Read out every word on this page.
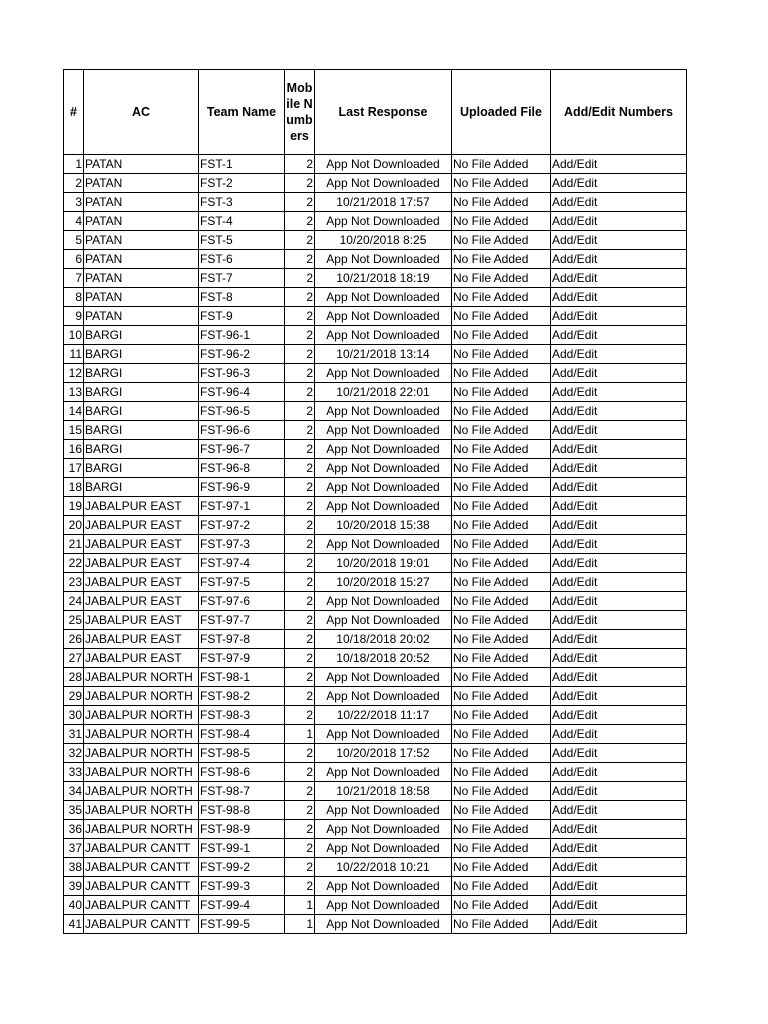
#	AC	Team Name	Mobile Numbers	Last Response	Uploaded File	Add/Edit Numbers
1	PATAN	FST-1	2	App Not Downloaded	No File Added	Add/Edit
2	PATAN	FST-2	2	App Not Downloaded	No File Added	Add/Edit
3	PATAN	FST-3	2	10/21/2018 17:57	No File Added	Add/Edit
4	PATAN	FST-4	2	App Not Downloaded	No File Added	Add/Edit
5	PATAN	FST-5	2	10/20/2018 8:25	No File Added	Add/Edit
6	PATAN	FST-6	2	App Not Downloaded	No File Added	Add/Edit
7	PATAN	FST-7	2	10/21/2018 18:19	No File Added	Add/Edit
8	PATAN	FST-8	2	App Not Downloaded	No File Added	Add/Edit
9	PATAN	FST-9	2	App Not Downloaded	No File Added	Add/Edit
10	BARGI	FST-96-1	2	App Not Downloaded	No File Added	Add/Edit
11	BARGI	FST-96-2	2	10/21/2018 13:14	No File Added	Add/Edit
12	BARGI	FST-96-3	2	App Not Downloaded	No File Added	Add/Edit
13	BARGI	FST-96-4	2	10/21/2018 22:01	No File Added	Add/Edit
14	BARGI	FST-96-5	2	App Not Downloaded	No File Added	Add/Edit
15	BARGI	FST-96-6	2	App Not Downloaded	No File Added	Add/Edit
16	BARGI	FST-96-7	2	App Not Downloaded	No File Added	Add/Edit
17	BARGI	FST-96-8	2	App Not Downloaded	No File Added	Add/Edit
18	BARGI	FST-96-9	2	App Not Downloaded	No File Added	Add/Edit
19	JABALPUR EAST	FST-97-1	2	App Not Downloaded	No File Added	Add/Edit
20	JABALPUR EAST	FST-97-2	2	10/20/2018 15:38	No File Added	Add/Edit
21	JABALPUR EAST	FST-97-3	2	App Not Downloaded	No File Added	Add/Edit
22	JABALPUR EAST	FST-97-4	2	10/20/2018 19:01	No File Added	Add/Edit
23	JABALPUR EAST	FST-97-5	2	10/20/2018 15:27	No File Added	Add/Edit
24	JABALPUR EAST	FST-97-6	2	App Not Downloaded	No File Added	Add/Edit
25	JABALPUR EAST	FST-97-7	2	App Not Downloaded	No File Added	Add/Edit
26	JABALPUR EAST	FST-97-8	2	10/18/2018 20:02	No File Added	Add/Edit
27	JABALPUR EAST	FST-97-9	2	10/18/2018 20:52	No File Added	Add/Edit
28	JABALPUR NORTH	FST-98-1	2	App Not Downloaded	No File Added	Add/Edit
29	JABALPUR NORTH	FST-98-2	2	App Not Downloaded	No File Added	Add/Edit
30	JABALPUR NORTH	FST-98-3	2	10/22/2018 11:17	No File Added	Add/Edit
31	JABALPUR NORTH	FST-98-4	1	App Not Downloaded	No File Added	Add/Edit
32	JABALPUR NORTH	FST-98-5	2	10/20/2018 17:52	No File Added	Add/Edit
33	JABALPUR NORTH	FST-98-6	2	App Not Downloaded	No File Added	Add/Edit
34	JABALPUR NORTH	FST-98-7	2	10/21/2018 18:58	No File Added	Add/Edit
35	JABALPUR NORTH	FST-98-8	2	App Not Downloaded	No File Added	Add/Edit
36	JABALPUR NORTH	FST-98-9	2	App Not Downloaded	No File Added	Add/Edit
37	JABALPUR CANTT	FST-99-1	2	App Not Downloaded	No File Added	Add/Edit
38	JABALPUR CANTT	FST-99-2	2	10/22/2018 10:21	No File Added	Add/Edit
39	JABALPUR CANTT	FST-99-3	2	App Not Downloaded	No File Added	Add/Edit
40	JABALPUR CANTT	FST-99-4	1	App Not Downloaded	No File Added	Add/Edit
41	JABALPUR CANTT	FST-99-5	1	App Not Downloaded	No File Added	Add/Edit
